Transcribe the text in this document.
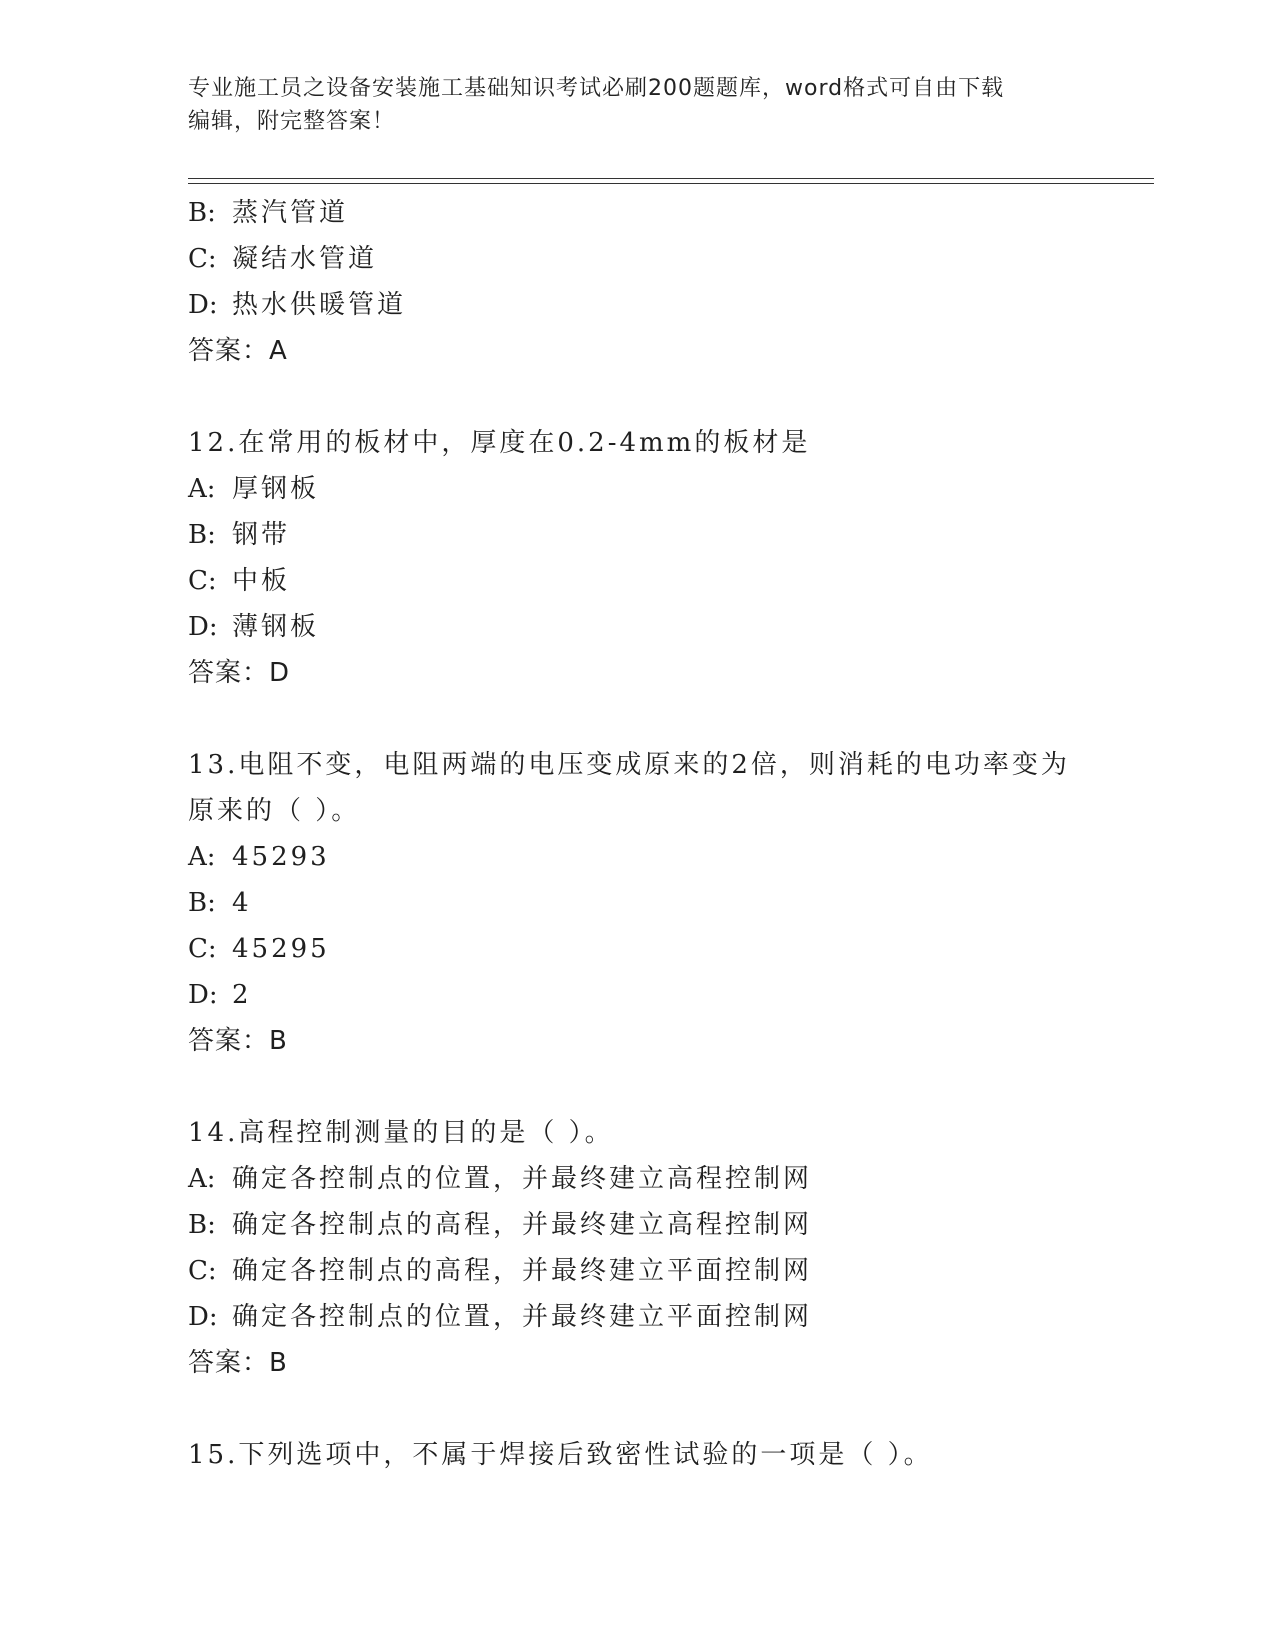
专业施工员之设备安装施工基础知识考试必刷200题题库，word格式可自由下载
编辑，附完整答案！
B: 蒸汽管道
C: 凝结水管道
D: 热水供暖管道
答案：A
12.在常用的板材中，厚度在0.2-4mm的板材是
A: 厚钢板
B: 钢带
C: 中板
D: 薄钢板
答案：D
13.电阻不变，电阻两端的电压变成原来的2倍，则消耗的电功率变为
原来的（ ）。
A: 45293
B: 4
C: 45295
D: 2
答案：B
14.高程控制测量的目的是（ ）。
A: 确定各控制点的位置，并最终建立高程控制网
B: 确定各控制点的高程，并最终建立高程控制网
C: 确定各控制点的高程，并最终建立平面控制网
D: 确定各控制点的位置，并最终建立平面控制网
答案：B
15.下列选项中，不属于焊接后致密性试验的一项是（ ）。
